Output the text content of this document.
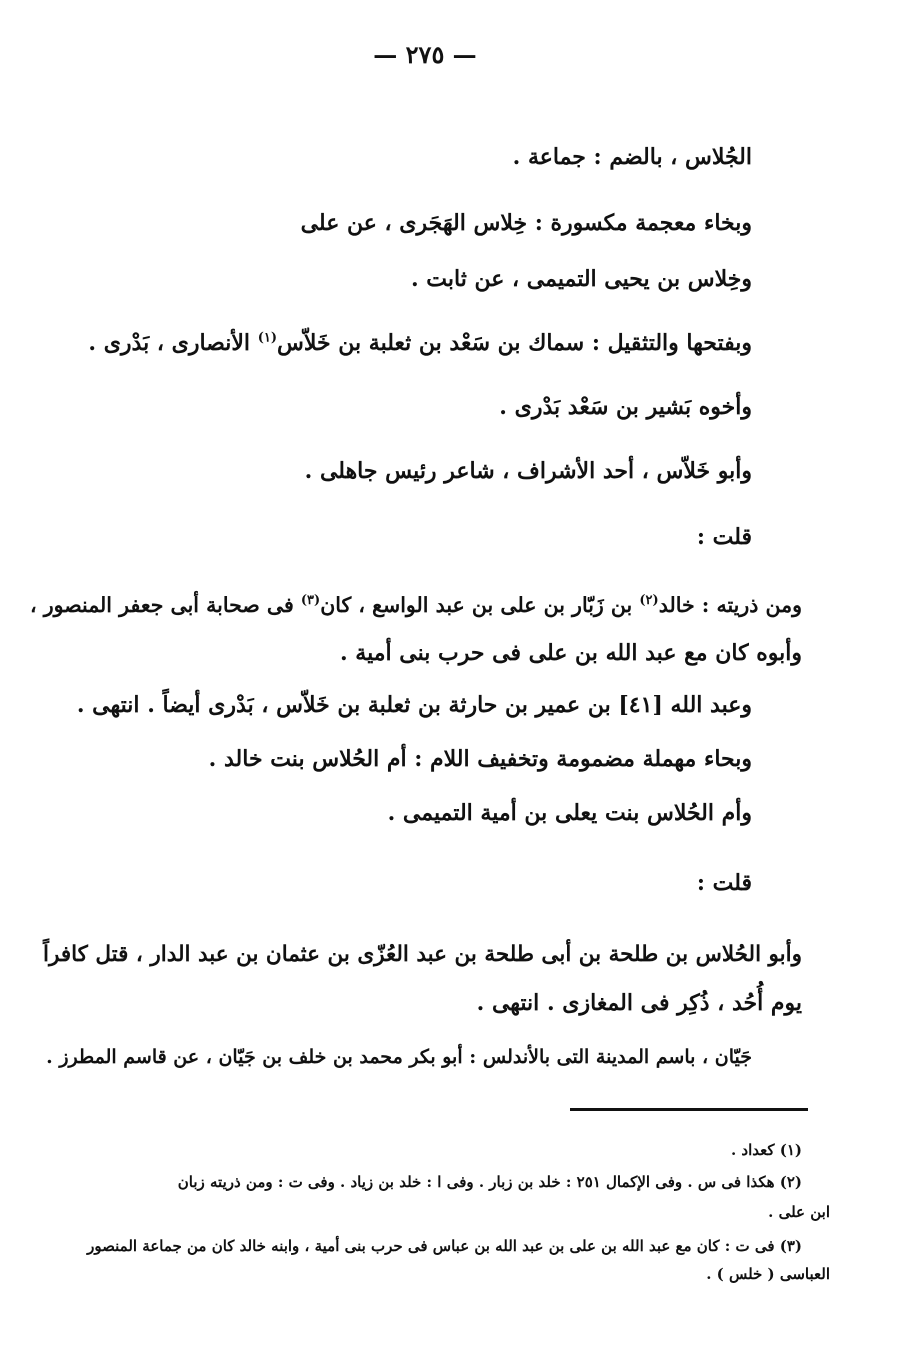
— ٢٧٥ —
الجُلاس ، بالضم : جماعة .
وبخاء معجمة مكسورة : خِلاس الهَجَرى ، عن على
وخِلاس بن يحيى التميمى ، عن ثابت .
وبفتحها والتثقيل : سماك بن سَعْد بن ثعلبة بن خَلاّس$^{(١)}$ الأنصارى ، بَدْرى .
وأخوه بَشير بن سَعْد بَدْرى .
وأبو خَلاّس ، أحد الأشراف ، شاعر رئيس جاهلى .
قلت :
ومن ذريته : خالد$^{(٢)}$ بن زَبّار بن على بن عبد الواسع ، كان$^{(٣)}$ فى صحابة أبى جعفر المنصور ،
وأبوه كان مع عبد الله بن على فى حرب بنى أمية .
وعبد الله [٤١] بن عمير بن حارثة بن ثعلبة بن خَلاّس ، بَدْرى أيضاً . انتهى .
وبحاء مهملة مضمومة وتخفيف اللام : أم الحُلاس بنت خالد .
وأم الحُلاس بنت يعلى بن أمية التميمى .
قلت :
وأبو الحُلاس بن طلحة بن أبى طلحة بن عبد العُزّى بن عثمان بن عبد الدار ، قتل كافراً
يوم أُحُد ، ذُكِر فى المغازى . انتهى .
جَيّان ، باسم المدينة التى بالأندلس : أبو بكر محمد بن خلف بن جَيّان ، عن قاسم المطرز .
(١) كعداد .
(٢) هكذا فى س . وفى الإكمال ٢٥١ : خلد بن زبار . وفى ا : خلد بن زياد . وفى ت : ومن ذريته زبان
ابن على .
(٣) فى ت : كان مع عبد الله بن على بن عبد الله بن عباس فى حرب بنى أمية ، وابنه خالد كان من جماعة المنصور
العباسى ( خلس ) .
